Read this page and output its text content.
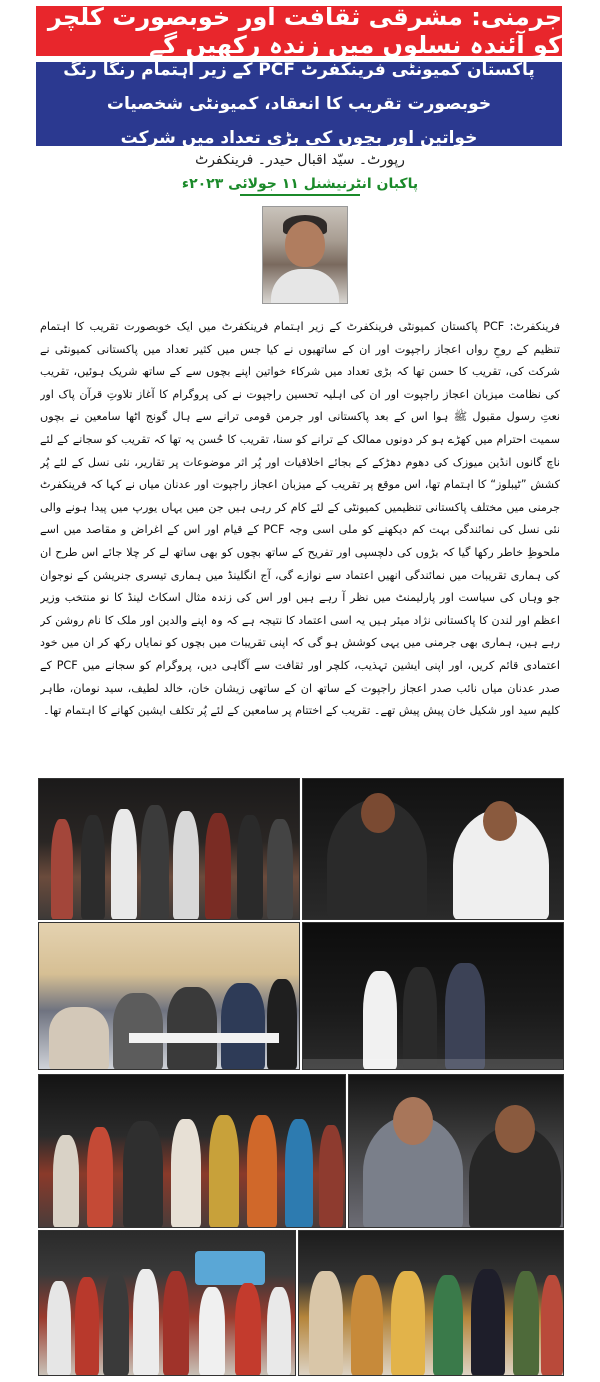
جرمنی: مشرقی ثقافت اور خوبصورت کلچر کو آئندہ نسلوں میں زندہ رکھیں گے
پاکستان کمیونٹی فرینکفرٹ PCF کے زیر اہتمام رنگا رنگ خوبصورت تقریب کا انعقاد، کمیونٹی شخصیات
خواتین اور بچوں کی بڑی تعداد میں شرکت
رپورٹ۔ سیّد اقبال حیدر۔ فرینکفرٹ
پاکبان انٹرنیشنل ۱۱ جولائی ۲۰۲۳ء
فرینکفرٹ: PCF پاکستان کمیونٹی فرینکفرٹ کے زیر اہتمام فرینکفرٹ میں ایک خوبصورت تقریب کا اہتمام تنظیم کے روحِ رواں اعجاز راجپوت اور ان کے ساتھیوں نے کیا جس میں کثیر تعداد میں پاکستانی کمیونٹی نے شرکت کی، تقریب کا حسن تھا کہ بڑی تعداد میں شرکاء خواتین اپنے بچوں سے کے ساتھ شریک ہوئیں، تقریب کی نظامت میزبان اعجاز راجپوت اور ان کی اہلیہ تحسین راجپوت نے کی پروگرام کا آغاز تلاوتِ قرآن پاک اور نعتِ رسول مقبول ﷺ ہوا اس کے بعد پاکستانی اور جرمن قومی ترانے سے ہال گونج اٹھا سامعین نے بچوں سمیت احترام میں کھڑے ہو کر دونوں ممالک کے ترانے کو سنا، تقریب کا حُسن یہ تھا کہ تقریب کو سجانے کے لئے ناچ گانوں انڈین میوزک کی دھوم دھڑکے کے بجائے اخلاقیات اور پُر اثر موضوعات پر تقاریر، نئی نسل کے لئے پُر کشش ”ٹیبلوز“ کا اہتمام تھا، اس موقع پر تقریب کے میزبان اعجاز راجپوت اور عدنان میاں نے کہا کہ فرینکفرٹ جرمنی میں مختلف پاکستانی تنظیمیں کمیونٹی کے لئے کام کر رہی ہیں جن میں یہاں یورپ میں پیدا ہونے والی نئی نسل کی نمائندگی بہت کم دیکھنے کو ملی اسی وجہ PCF کے قیام اور اس کے اغراض و مقاصد میں اسے ملحوظِ خاطر رکھا گیا کہ بڑوں کی دلچسپی اور تفریح کے ساتھ بچوں کو بھی ساتھ لے کر چلا جائے اس طرح ان کی ہماری تقریبات میں نمائندگی انھیں اعتماد سے نوازے گی، آج انگلینڈ میں ہماری تیسری جنریشن کے نوجوان جو وہاں کی سیاست اور پارلیمنٹ میں نظر آ رہے ہیں اور اس کی زندہ مثال اسکاٹ لینڈ کا نو منتخب وزیر اعظم اور لندن کا پاکستانی نژاد میئر ہیں یہ اسی اعتماد کا نتیجہ ہے کہ وہ اپنے والدین اور ملک کا نام روشن کر رہے ہیں، ہماری بھی جرمنی میں یہی کوشش ہو گی کہ اپنی تقریبات میں بچوں کو نمایاں رکھ کر ان میں خود اعتمادی قائم کریں، اور اپنی ایشین تہذیب، کلچر اور ثقافت سے آگاہی دیں، پروگرام کو سجانے میں PCF کے صدر عدنان میاں نائب صدر اعجاز راجپوت کے ساتھ ان کے ساتھی زیشان خان، خالد لطیف، سید نومان، طاہر کلیم سید اور شکیل خان پیش پیش تھے۔ تقریب کے اختتام پر سامعین کے لئے پُر تکلف ایشین کھانے کا اہتمام تھا۔
